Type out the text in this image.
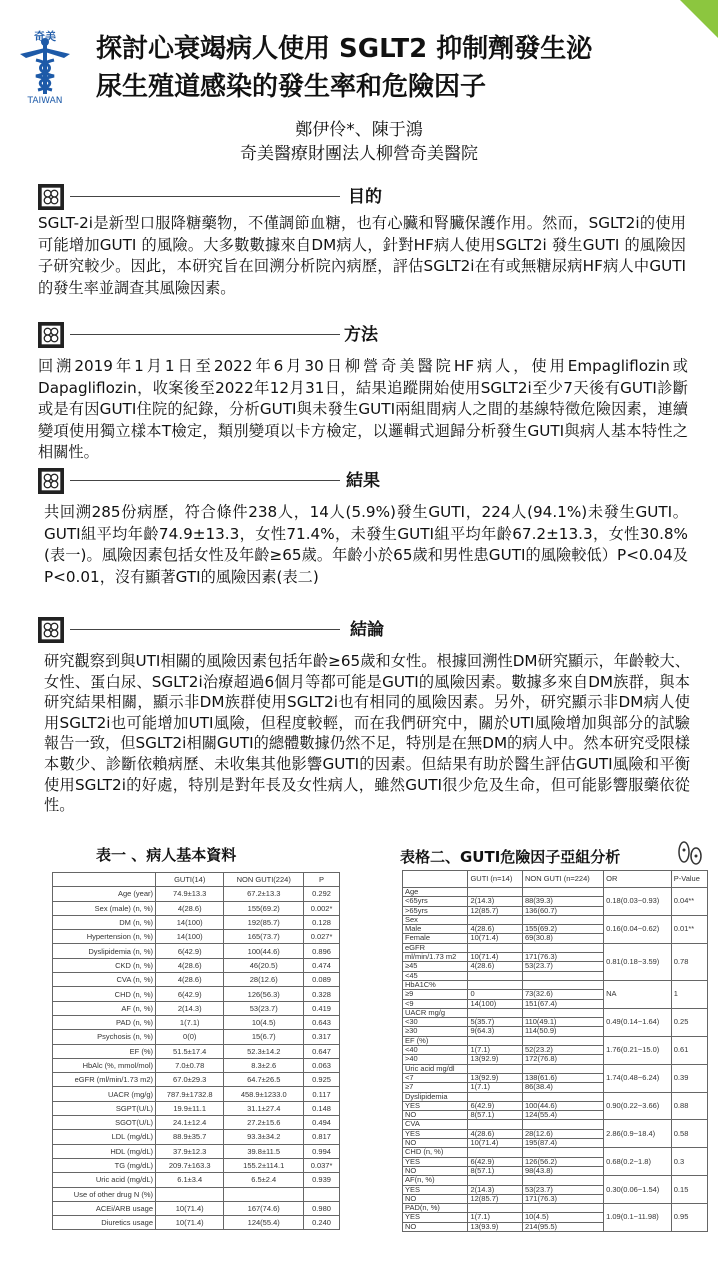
奇美
TAIWAN
探討心衰竭病人使用 SGLT2 抑制劑發生泌
尿生殖道感染的發生率和危險因子
鄭伊伶*、陳于鴻
奇美醫療財團法人柳營奇美醫院
目的
SGLT-2i是新型口服降糖藥物，不僅調節血糖，也有心臟和腎臟保護作用。然而，SGLT2i的使用可能增加GUTI 的風險。大多數數據來自DM病人，針對HF病人使用SGLT2i 發生GUTI 的風險因子研究較少。因此，本研究旨在回溯分析院內病歷，評估SGLT2i在有或無糖尿病HF病人中GUTI的發生率並調查其風險因素。
方法
回溯2019年1月1日至2022年6月30日柳營奇美醫院HF病人，使用Empagliflozin或Dapagliflozin，收案後至2022年12月31日，結果追蹤開始使用SGLT2i至少7天後有GUTI診斷或是有因GUTI住院的紀錄，分析GUTI與未發生GUTI兩組間病人之間的基線特徵危險因素，連續變項使用獨立樣本T檢定，類別變項以卡方檢定，以邏輯式迴歸分析發生GUTI與病人基本特性之相關性。
結果
共回溯285份病歷，符合條件238人，14人(5.9%)發生GUTI，224人(94.1%)未發生GUTI。GUTI組平均年齡74.9±13.3，女性71.4%，未發生GUTI組平均年齡67.2±13.3，女性30.8% (表一)。風險因素包括女性及年齡≥65歲。年齡小於65歲和男性患GUTI的風險較低）P<0.04及 P<0.01，沒有顯著GTI的風險因素(表二)
結論
研究觀察到與UTI相關的風險因素包括年齡≥65歲和女性。根據回溯性DM研究顯示，年齡較大、女性、蛋白尿、SGLT2i治療超過6個月等都可能是GUTI的風險因素。數據多來自DM族群，與本研究結果相關，顯示非DM族群使用SGLT2i也有相同的風險因素。另外，研究顯示非DM病人使用SGLT2i也可能增加UTI風險，但程度較輕，而在我們研究中，關於UTI風險增加與部分的試驗報告一致，但SGLT2i相關GUTI的總體數據仍然不足，特別是在無DM的病人中。然本研究受限樣本數少、診斷依賴病歷、未收集其他影響GUTI的因素。但結果有助於醫生評估GUTI風險和平衡使用SGLT2i的好處，特別是對年長及女性病人，雖然GUTI很少危及生命，但可能影響服藥依從性。
表一 、病人基本資料
	GUTI(14)	NON GUTI(224)	P
Age (year)	74.9±13.3	67.2±13.3	0.292
Sex (male) (n, %)	4(28.6)	155(69.2)	0.002*
DM (n, %)	14(100)	192(85.7)	0.128
Hypertension (n, %)	14(100)	165(73.7)	0.027*
Dyslipidemia (n, %)	6(42.9)	100(44.6)	0.896
CKD (n, %)	4(28.6)	46(20.5)	0.474
CVA (n, %)	4(28.6)	28(12.6)	0.089
CHD (n, %)	6(42.9)	126(56.3)	0.328
AF (n, %)	2(14.3)	53(23.7)	0.419
PAD (n, %)	1(7.1)	10(4.5)	0.643
Psychosis (n, %)	0(0)	15(6.7)	0.317
EF (%)	51.5±17.4	52.3±14.2	0.647
HbAlc (%, mmol/mol)	7.0±0.78	8.3±2.6	0.063
eGFR (ml/min/1.73 m2)	67.0±29.3	64.7±26.5	0.925
UACR (mg/g)	787.9±1732.8	458.9±1233.0	0.117
SGPT(U/L)	19.9±11.1	31.1±27.4	0.148
SGOT(U/L)	24.1±12.4	27.2±15.6	0.494
LDL (mg/dL)	88.9±35.7	93.3±34.2	0.817
HDL (mg/dL)	37.9±12.3	39.8±11.5	0.994
TG (mg/dL)	209.7±163.3	155.2±114.1	0.037*
Uric acid (mg/dL)	6.1±3.4	6.5±2.4	0.939
Use of other drug N (%)			
ACEi/ARB usage	10(71.4)	167(74.6)	0.980
Diuretics usage	10(71.4)	124(55.4)	0.240
表格二、GUTI危險因子亞組分析
	GUTI (n=14)	NON GUTI (n=224)	OR	P-Value
Age			0.18(0.03~0.93)	0.04**
<65yrs	2(14.3)	88(39.3)		
>65yrs	12(85.7)	136(60.7)		
Sex			0.16(0.04~0.62)	0.01**
Male	4(28.6)	155(69.2)		
Female	10(71.4)	69(30.8)		
eGFR			0.81(0.18~3.59)	0.78
ml/min/1.73 m2	10(71.4)	171(76.3)		
≥45	4(28.6)	53(23.7)		
<45				
HbA1C%			NA	1
≥9	0	73(32.6)		
<9	14(100)	151(67.4)		
UACR mg/g			0.49(0.14~1.64)	0.25
<30	5(35.7)	110(49.1)		
≥30	9(64.3)	114(50.9)		
EF (%)			1.76(0.21~15.0)	0.61
<40	1(7.1)	52(23.2)		
>40	13(92.9)	172(76.8)		
Uric acid mg/dl			1.74(0.48~6.24)	0.39
<7	13(92.9)	138(61.6)		
≥7	1(7.1)	86(38.4)		
Dyslipidemia			0.90(0.22~3.66)	0.88
YES	6(42.9)	100(44.6)		
NO	8(57.1)	124(55.4)		
CVA			2.86(0.9~18.4)	0.58
YES	4(28.6)	28(12.6)		
NO	10(71.4)	195(87.4)		
CHD (n, %)			0.68(0.2~1.8)	0.3
YES	6(42.9)	126(56.2)		
NO	8(57.1)	98(43.8)		
AF(n, %)			0.30(0.06~1.54)	0.15
YES	2(14.3)	53(23.7)		
NO	12(85.7)	171(76.3)		
PAD(n, %)			1.09(0.1~11.98)	0.95
YES	1(7.1)	10(4.5)		
NO	13(93.9)	214(95.5)		
